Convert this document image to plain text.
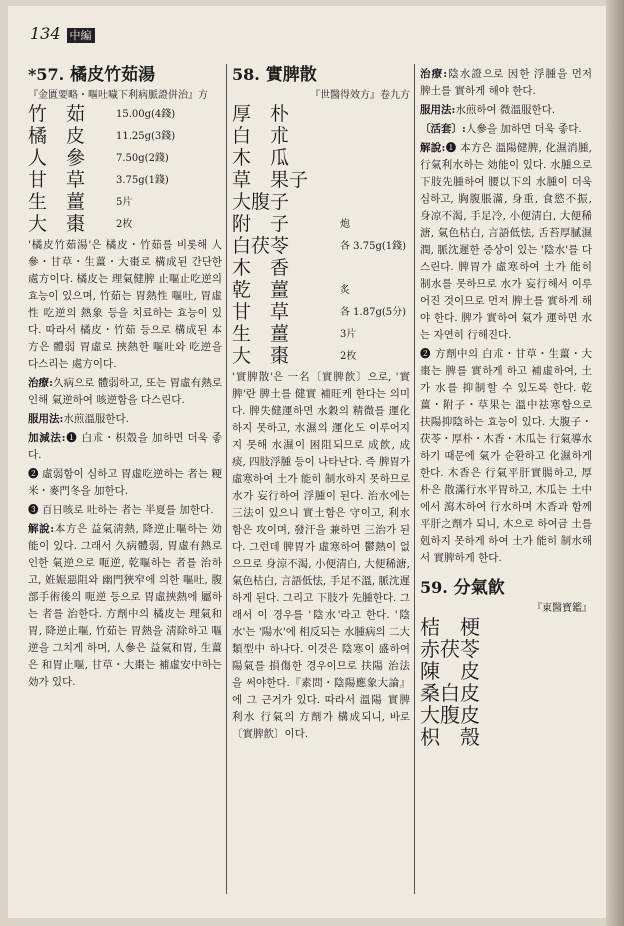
134 中編
*57. 橘皮竹茹湯
『金匱要略・嘔吐噦下利病脈證併治』方
竹　茹	15.00g(4錢)
橘　皮	11.25g(3錢)
人　參	7.50g(2錢)
甘　草	3.75g(1錢)
生　薑	5片
大　棗	2枚
'橘皮竹茹湯'은 橘皮・竹茹를 비롯해 人參・甘草・生薑・大棗로 構成된 간단한 處方이다. 橘皮는 理氣健脾 止嘔止吃逆의 효능이 있으며, 竹茹는 胃熱性 嘔吐, 胃虛性 吃逆의 熱象 등을 치료하는 효능이 있다. 따라서 橘皮・竹茹 등으로 構成된 本方은 體弱 胃虛로 挾熱한 嘔吐와 吃逆을 다스리는 處方이다.
治療:久病으로 體弱하고, 또는 胃虛有熱로 인해 氣逆하여 咳逆함을 다스린다.
服用法:水煎溫服한다.
加減法:❶ 白朮・枳殼을 加하면 더욱 좋다.
❷ 虛弱함이 심하고 胃虛吃逆하는 者는 粳米・麥門冬을 加한다.
❸ 百日咳로 吐하는 者는 半夏를 加한다.
解說:本方은 益氣淸熱, 降逆止嘔하는 効能이 있다. 그래서 久病體弱, 胃虛有熱로 인한 氣逆으로 呃逆, 乾嘔하는 者를 治하고, 姙娠惡阻와 幽門狹窄에 의한 嘔吐, 腹部手術後의 呃逆 등으로 胃虛挾熱에 屬하는 者를 治한다. 方劑中의 橘皮는 理氣和胃, 降逆止嘔, 竹茹는 胃熱을 淸除하고 嘔逆을 그치게 하며, 人參은 益氣和胃, 生薑은 和胃止嘔, 甘草・大棗는 補虛安中하는 効가 있다.
58. 實脾散
『世醫得效方』卷九方
厚　朴
白　朮
木　瓜
草　果子
大腹子
附　子	炮
白茯苓	各 3.75g(1錢)
木　香
乾　薑	炙
甘　草	各 1.87g(5分)
生　薑	3片
大　棗	2枚
'實脾散'은 一名〔實脾飮〕으로, '實脾'란 脾土를 健實 補旺케 한다는 의미다. 脾失健運하면 水穀의 精微를 運化하지 못하고, 水濕의 運化도 이루어지지 못해 水濕이 困阻되므로 成飮, 成痰, 四肢浮腫 등이 나타난다. 즉 脾胃가 虛寒하여 土가 能히 制水하지 못하므로 水가 妄行하여 浮腫이 된다. 治水에는 三法이 있으니 實土함은 守이고, 利水함은 攻이며, 發汗을 兼하면 三治가 된다. 그런데 脾胃가 虛寒하여 鬱熱이 없으므로 身涼不渴, 小便淸白, 大便稀溏, 氣色枯白, 言語低怯, 手足不溫, 脈沈遲하게 된다. 그리고 下肢가 先腫한다. 그래서 이 경우를 '陰水'라고 한다. '陰水'는 '陽水'에 相反되는 水腫病의 二大類型中 하나다. 이것은 陰寒이 盛하여 陽氣를 損傷한 경우이므로 扶陽 治法을 써야한다.『素問・陰陽應象大論』에 그 근거가 있다. 따라서 溫陽 實脾 利水 行氣의 方劑가 構成되니, 바로〔實脾飮〕이다.
治療:陰水證으로 因한 浮腫을 먼저 脾土를 實하게 해야 한다.
服用法:水煎하여 微溫服한다.
〔活套〕:人參을 加하면 더욱 좋다.
解說:❶ 本方은 溫陽健脾, 化濕消腫, 行氣利水하는 効能이 있다. 水腫으로 下肢先腫하여 腰以下의 水腫이 더욱 심하고, 胸腹脹滿, 身重, 食慾不振, 身凉不渴, 手足冷, 小便淸白, 大便稀溏, 氣色枯白, 言語低怯, 舌苔厚膩濕潤, 脈沈遲한 증상이 있는 '陰水'를 다스린다. 脾胃가 虛寒하여 土가 能히 制水를 못하므로 水가 妄行해서 이루어진 것이므로 먼저 脾土를 實하게 해야 한다. 脾가 實하여 氣가 運하면 水는 자연히 行해진다.
❷ 方劑中의 白朮・甘草・生薑・大棗는 脾를 實하게 하고 補虛하여, 土가 水를 抑制할 수 있도록 한다. 乾薑・附子・草果는 溫中祛寒함으로 扶陽抑陰하는 효능이 있다. 大腹子・茯苓・厚朴・木香・木瓜는 行氣導水하기 때문에 氣가 순환하고 化濕하게 한다. 木香은 行氣平肝實腸하고, 厚朴은 散滿行水平胃하고, 木瓜는 土中에서 瀉木하여 行水하며 木香과 함께 平肝之劑가 되니, 木으로 하여금 土를 剋하지 못하게 하여 土가 能히 制水해서 實脾하게 한다.
59. 分氣飮
『東醫寶鑑』
桔　梗
赤茯苓
陳　皮
桑白皮
大腹皮
枳　殼
